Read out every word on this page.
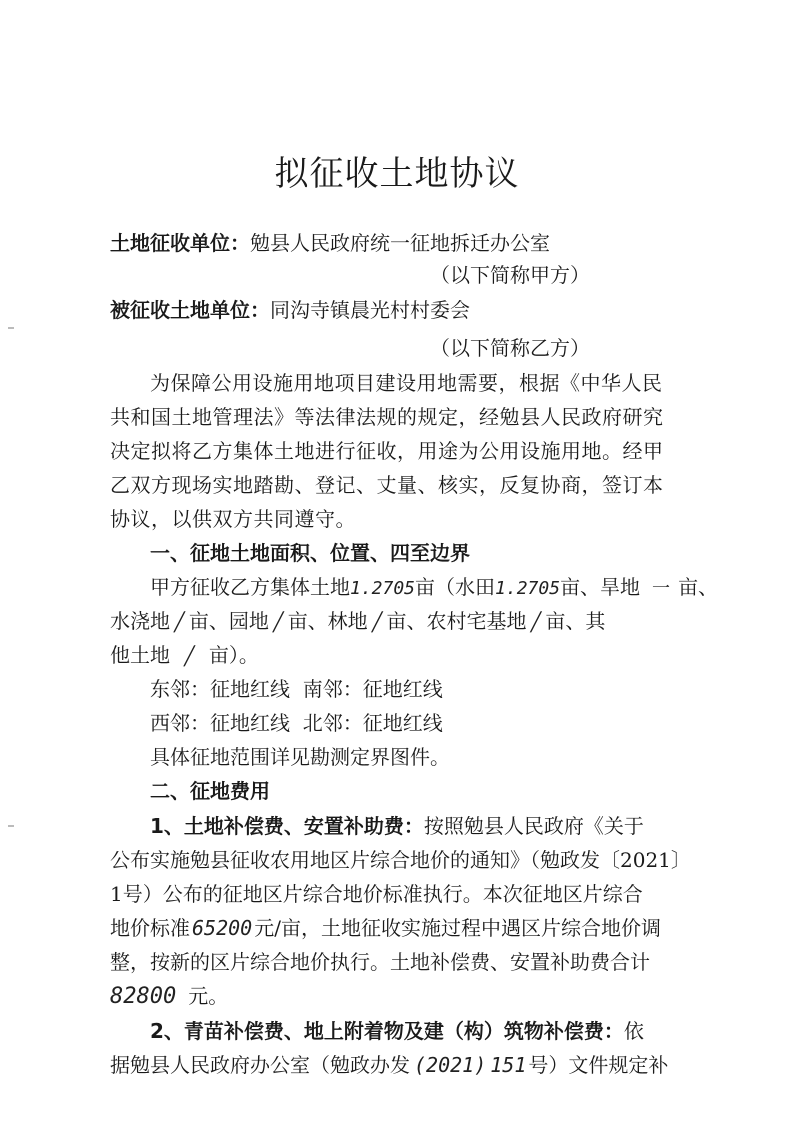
拟征收土地协议
土地征收单位：勉县人民政府统一征地拆迁办公室
（以下简称甲方）
被征收土地单位：同沟寺镇晨光村村委会
（以下简称乙方）
为保障公用设施用地项目建设用地需要，根据《中华人民
共和国土地管理法》等法律法规的规定，经勉县人民政府研究
决定拟将乙方集体土地进行征收，用途为公用设施用地。经甲
乙双方现场实地踏勘、登记、丈量、核实，反复协商，签订本
协议，以供双方共同遵守。
一、征地土地面积、位置、四至边界
甲方征收乙方集体土地1.2705亩（水田1.2705亩、旱地 一 亩、
水浇地 ╱ 亩、园地 ╱ 亩、林地 ╱ 亩、农村宅基地 ╱ 亩、其
他土地 ╱ 亩）。
东邻：征地红线 南邻：征地红线
西邻：征地红线 北邻：征地红线
具体征地范围详见勘测定界图件。
二、征地费用
1、土地补偿费、安置补助费：按照勉县人民政府《关于
公布实施勉县征收农用地区片综合地价的通知》（勉政发〔2021〕
1号）公布的征地区片综合地价标准执行。本次征地区片综合
地价标准 65200 元/亩，土地征收实施过程中遇区片综合地价调
整，按新的区片综合地价执行。土地补偿费、安置补助费合计
82800 元。
2、青苗补偿费、地上附着物及建（构）筑物补偿费：依
据勉县人民政府办公室（勉政办发 (2021) 151 号）文件规定补
